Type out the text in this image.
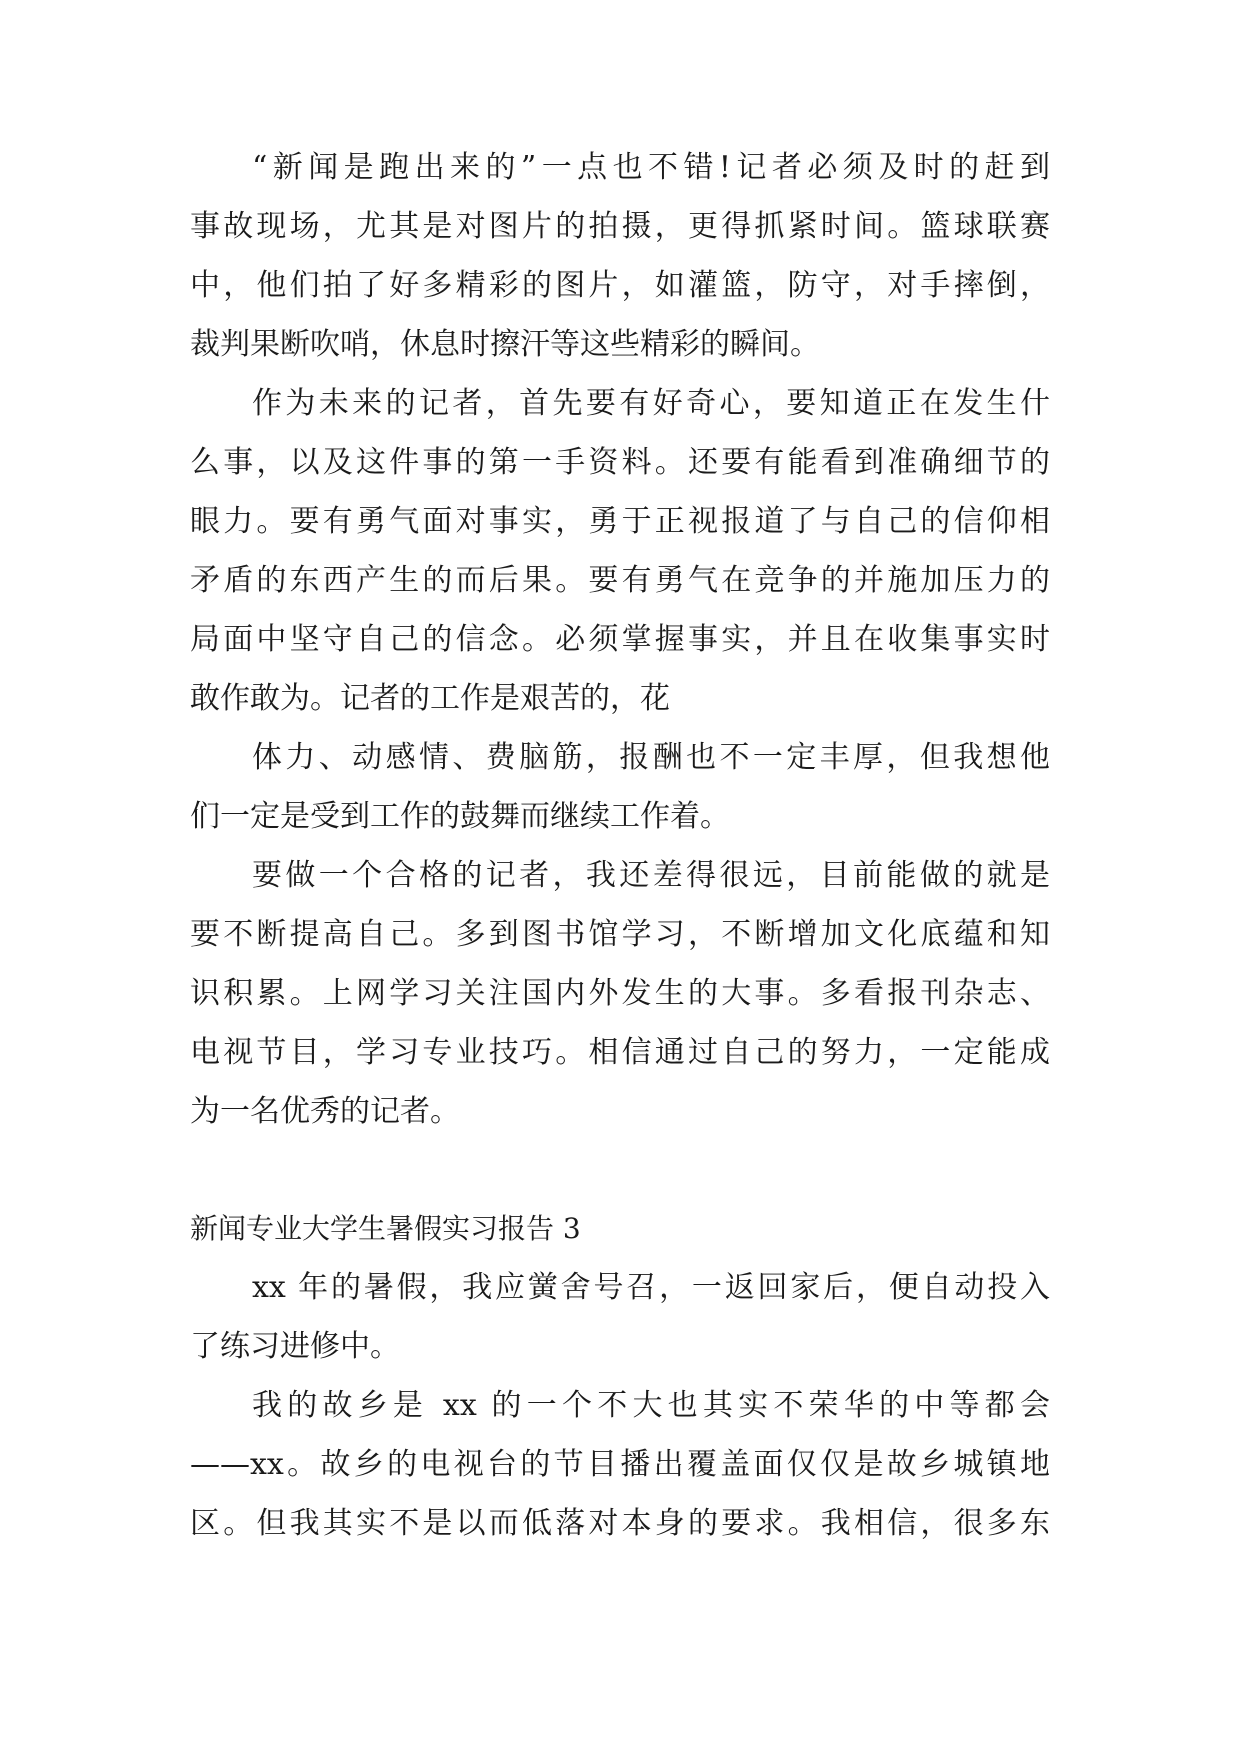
“新闻是跑出来的”一点也不错!记者必须及时的赶到
事故现场，尤其是对图片的拍摄，更得抓紧时间。篮球联赛
中，他们拍了好多精彩的图片，如灌篮，防守，对手摔倒，
裁判果断吹哨，休息时擦汗等这些精彩的瞬间。
作为未来的记者，首先要有好奇心，要知道正在发生什
么事，以及这件事的第一手资料。还要有能看到准确细节的
眼力。要有勇气面对事实，勇于正视报道了与自己的信仰相
矛盾的东西产生的而后果。要有勇气在竞争的并施加压力的
局面中坚守自己的信念。必须掌握事实，并且在收集事实时
敢作敢为。记者的工作是艰苦的，花
体力、动感情、费脑筋，报酬也不一定丰厚，但我想他
们一定是受到工作的鼓舞而继续工作着。
要做一个合格的记者，我还差得很远，目前能做的就是
要不断提高自己。多到图书馆学习，不断增加文化底蕴和知
识积累。上网学习关注国内外发生的大事。多看报刊杂志、
电视节目，学习专业技巧。相信通过自己的努力，一定能成
为一名优秀的记者。
新闻专业大学生暑假实习报告 3
xx 年的暑假，我应黉舍号召，一返回家后，便自动投入
了练习进修中。
我的故乡是 xx 的一个不大也其实不荣华的中等都会
——xx。故乡的电视台的节目播出覆盖面仅仅是故乡城镇地
区。但我其实不是以而低落对本身的要求。我相信，很多东
